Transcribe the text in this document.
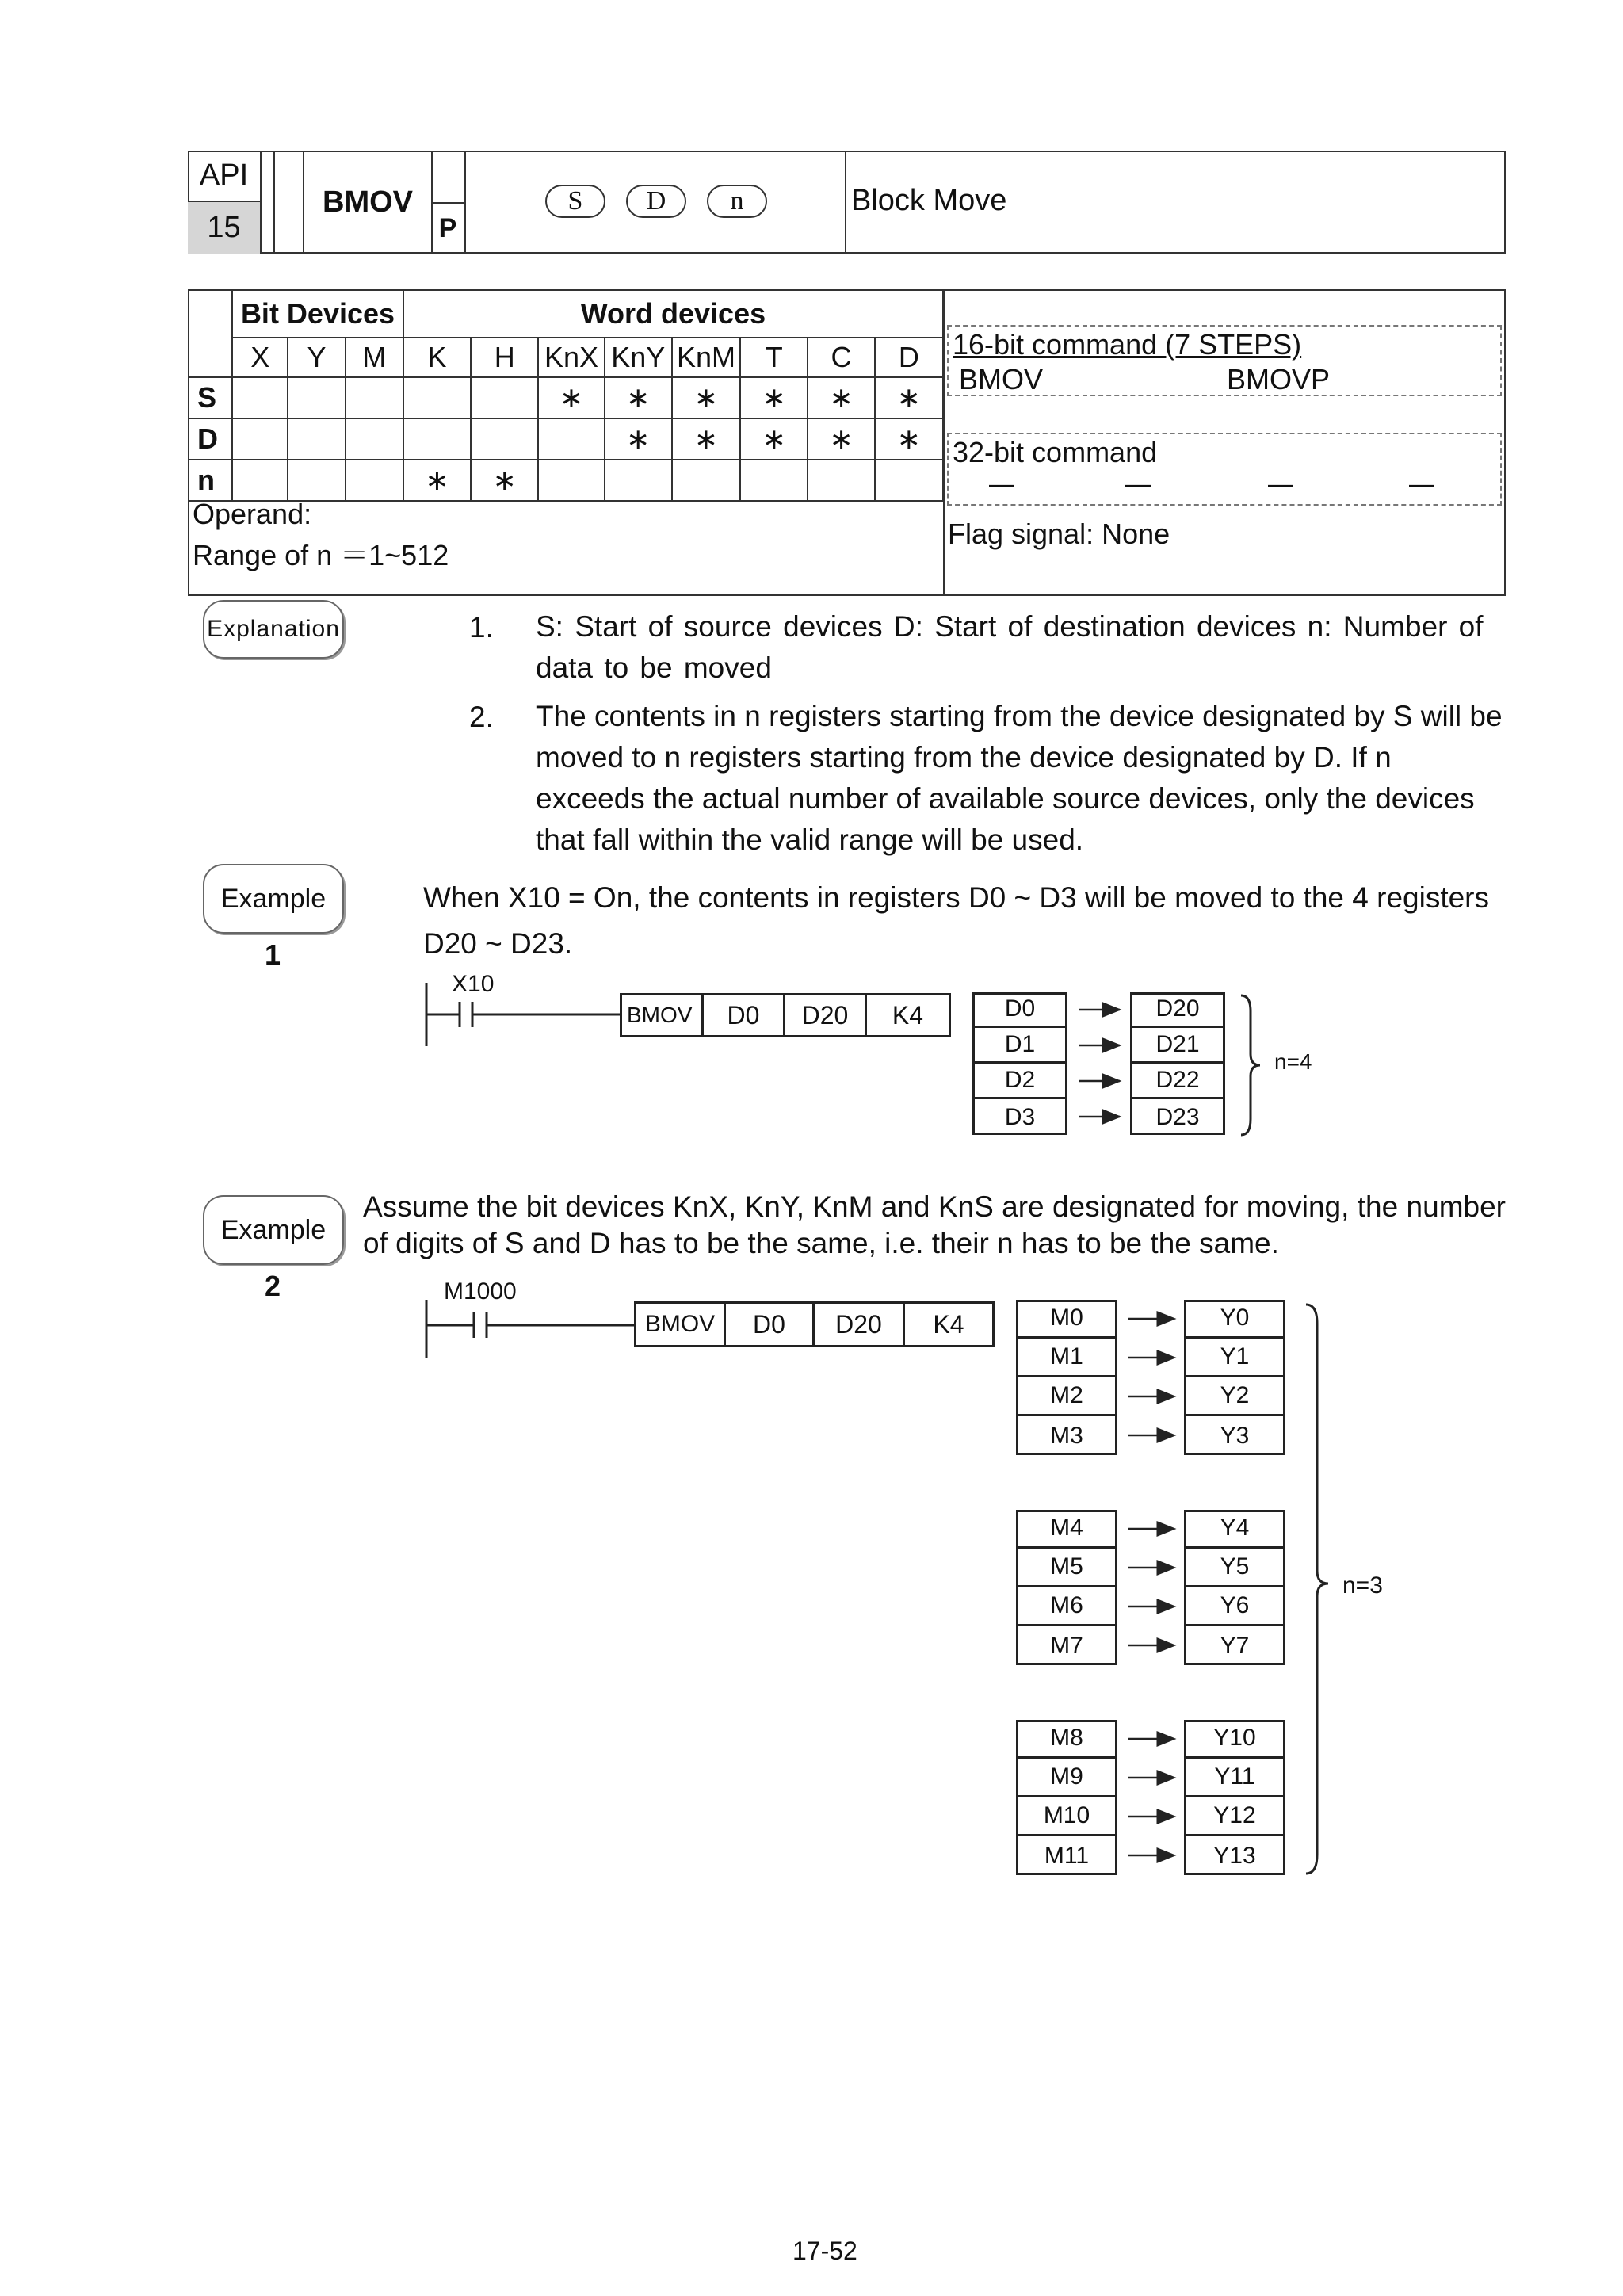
API
15
BMOV
P
S	D	n	Block Move
	Bit Devices			Word devices							
	X	Y	M	K	H	KnX	KnY	KnM	T	C	D
S						∗	∗	∗	∗	∗	∗
D							∗	∗	∗	∗	∗
n				∗	∗						
Operand:
Range of n ＝1~512
16-bit command (7 STEPS)
BMOV	BMOVP
32-bit command
—	—	—	—
Flag signal: None
Explanation	1. S: Start of source devices D: Start of destination devices n: Number of data to be moved
2. The contents in n registers starting from the device designated by S will be moved to n registers starting from the device designated by D. If n exceeds the actual number of available source devices, only the devices that fall within the valid range will be used.
Example
1
When X10 = On, the contents in registers D0 ~ D3 will be moved to the 4 registers
D20 ~ D23.
X10
BMOV	D0	D20	K4	D0
D1
D2
D3
D20
D21
D22
D23
n=4
Example
2
Assume the bit devices KnX, KnY, KnM and KnS are designated for moving, the number of digits of S and D has to be the same, i.e. their n has to be the same.
M1000
BMOV	D0	D20	K4	M0
M1
M2
M3
Y0
Y1
Y2
Y3
M4
M5
M6
M7
Y4
Y5
Y6
Y7
M8
M9
M10
M11
Y10
Y11
Y12
Y13
n=3
17-52
